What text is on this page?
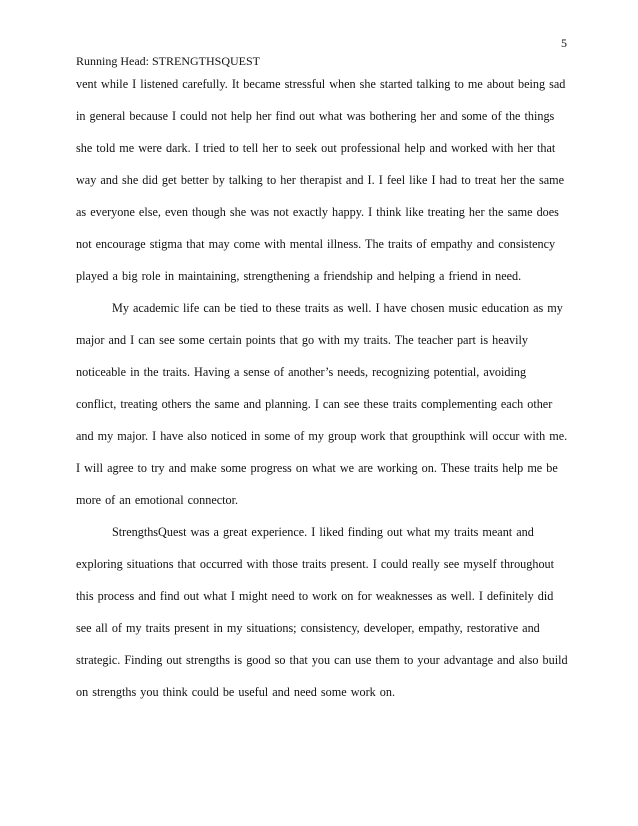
5
Running Head: STRENGTHSQUEST
vent while I listened carefully. It became stressful when she started talking to me about being sad
in general because I could not help her find out what was bothering her and some of the things
she told me were dark. I tried to tell her to seek out professional help and worked with her that
way and she did get better by talking to her therapist and I. I feel like I had to treat her the same
as everyone else, even though she was not exactly happy. I think like treating her the same does
not encourage stigma that may come with mental illness. The traits of empathy and consistency
played a big role in maintaining, strengthening a friendship and helping a friend in need.
My academic life can be tied to these traits as well. I have chosen music education as my
major and I can see some certain points that go with my traits. The teacher part is heavily
noticeable in the traits. Having a sense of another’s needs, recognizing potential, avoiding
conflict, treating others the same and planning. I can see these traits complementing each other
and my major. I have also noticed in some of my group work that groupthink will occur with me.
I will agree to try and make some progress on what we are working on. These traits help me be
more of an emotional connector.
StrengthsQuest was a great experience. I liked finding out what my traits meant and
exploring situations that occurred with those traits present. I could really see myself throughout
this process and find out what I might need to work on for weaknesses as well. I definitely did
see all of my traits present in my situations; consistency, developer, empathy, restorative and
strategic. Finding out strengths is good so that you can use them to your advantage and also build
on strengths you think could be useful and need some work on.
